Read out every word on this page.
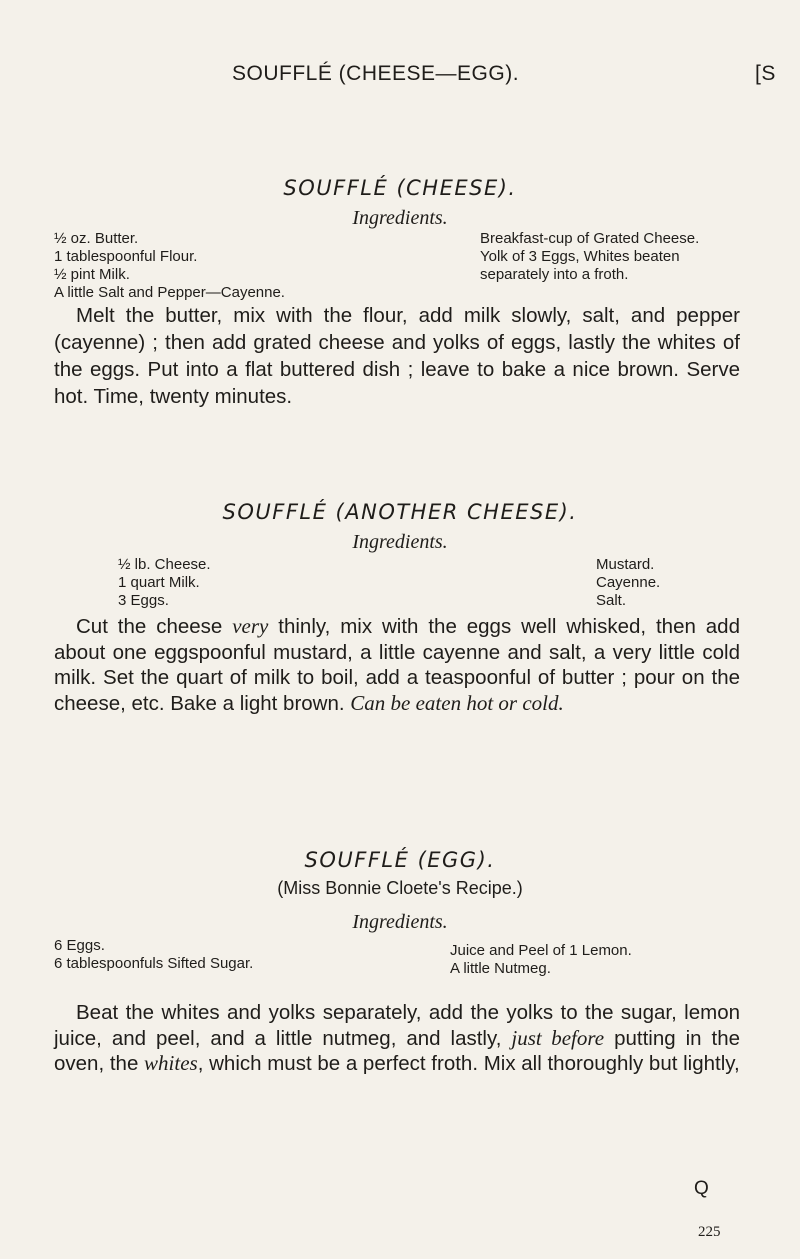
SOUFFLÉ (CHEESE—EGG).	[S
SOUFFLÉ (CHEESE).
Ingredients.
½ oz. Butter.
1 tablespoonful Flour.
½ pint Milk.
A little Salt and Pepper—Cayenne.
Breakfast-cup of Grated Cheese.
Yolk of 3 Eggs, Whites beaten
separately into a froth.

Melt the butter, mix with the flour, add milk slowly, salt, and pepper (cayenne) ; then add grated cheese and yolks of eggs, lastly the whites of the eggs. Put into a flat buttered dish ; leave to bake a nice brown. Serve hot. Time, twenty minutes.

SOUFFLÉ (ANOTHER CHEESE).
Ingredients.
½ lb. Cheese.
1 quart Milk.
3 Eggs.
Mustard.
Cayenne.
Salt.

Cut the cheese very thinly, mix with the eggs well whisked, then add about one eggspoonful mustard, a little cayenne and salt, a very little cold milk. Set the quart of milk to boil, add a teaspoonful of butter ; pour on the cheese, etc. Bake a light brown. Can be eaten hot or cold.

SOUFFLÉ (EGG).
(Miss Bonnie Cloete's Recipe.)
Ingredients.
6 Eggs.
6 tablespoonfuls Sifted Sugar.
Juice and Peel of 1 Lemon.
A little Nutmeg.

Beat the whites and yolks separately, add the yolks to the sugar, lemon juice, and peel, and a little nutmeg, and lastly, just before putting in the oven, the whites, which must be a perfect froth. Mix all thoroughly but lightly,

Q
225
